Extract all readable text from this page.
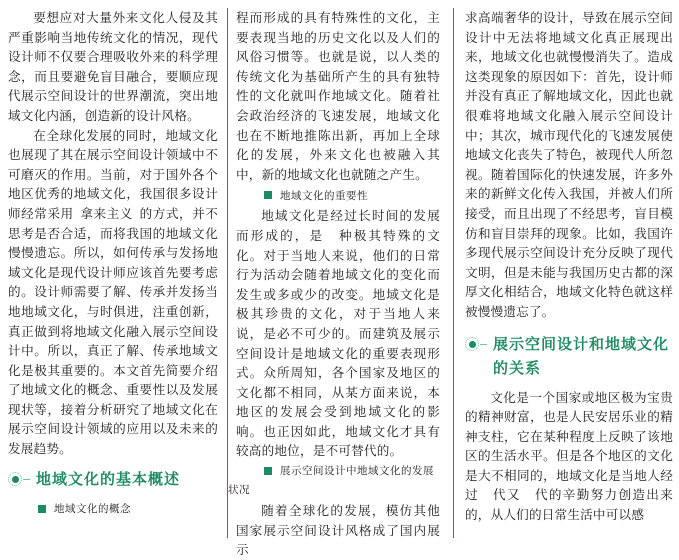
要想应对大量外来文化人侵及其严重影响当地传统文化的情况，现代设计师不仅要合理吸收外来的科学理念，而且要避免盲目融合，要顺应现代展示空间设计的世界潮流，突出地域文化内涵，创造新的设计风格。

在全球化发展的同时，地域文化也展现了其在展示空间设计领域中不可磨灭的作用。当前，对于国外各个地区优秀的地域文化，我国很多设计师经常采用 拿来主义 的方式，并不思考是否合适，而将我国的地域文化慢慢遗忘。所以，如何传承与发扬地域文化是现代设计师应该首先要考虑的。设计师需要了解、传承并发扬当地地域文化，与时俱进，注重创新，真正做到将地域文化融入展示空间设计中。所以，真正了解、传承地域文化是极其重要的。本文首先简要介绍了地域文化的概念、重要性以及发展现状等，接着分析研究了地域文化在展示空间设计领域的应用以及未来的发展趋势。

地域文化的基本概述
地域文化的概念

程而形成的具有特殊性的文化，主要表现当地的历史文化以及人们的风俗习惯等。也就是说，以人类的传统文化为基础所产生的具有独特性的文化就叫作地域文化。随着社会政治经济的飞速发展，地域文化也在不断地推陈出新，再加上全球化的发展，外来文化也被融入其中，新的地域文化也就随之产生。

地域文化的重要性

地域文化是经过长时间的发展而形成的，是  种极其特殊的文化。对于当地人来说，他们的日常行为活动会随着地域文化的变化而发生或多或少的改变。地域文化是极其珍贵的文化，对于当地人来说，是必不可少的。而建筑及展示空间设计是地域文化的重要表现形式。众所周知，各个国家及地区的文化都不相同，从某方面来说，本地区的发展会受到地域文化的影响。也正因如此，地域文化才具有较高的地位，是不可替代的。

展示空间设计中地域文化的发展状况

随着全球化的发展，模仿其他国家展示空间设计风格成了国内展示

求高端奢华的设计，导致在展示空间设计中无法将地域文化真正展现出来，地域文化也就慢慢消失了。造成这类现象的原因如下：首先，设计师并没有真正了解地域文化，因此也就很难将地域文化融入展示空间设计中；其次，城市现代化的飞速发展使地域文化丧失了特色，被现代人所忽视。随着国际化的快速发展，许多外来的新鲜文化传入我国，并被人们所接受，而且出现了不经思考，盲目模仿和盲目崇拜的现象。比如，我国许多现代展示空间设计充分反映了现代文明，但是未能与我国历史古都的深厚文化相结合，地域文化特色就这样被慢慢遗忘了。

展示空间设计和地域文化的关系

文化是一个国家或地区极为宝贵的精神财富，也是人民安居乐业的精神支柱，它在某种程度上反映了该地区的生活水平。但是各个地区的文化是大不相同的，地域文化是当地人经过  代又  代的辛勤努力创造出来的，从人们的日常生活中可以感
